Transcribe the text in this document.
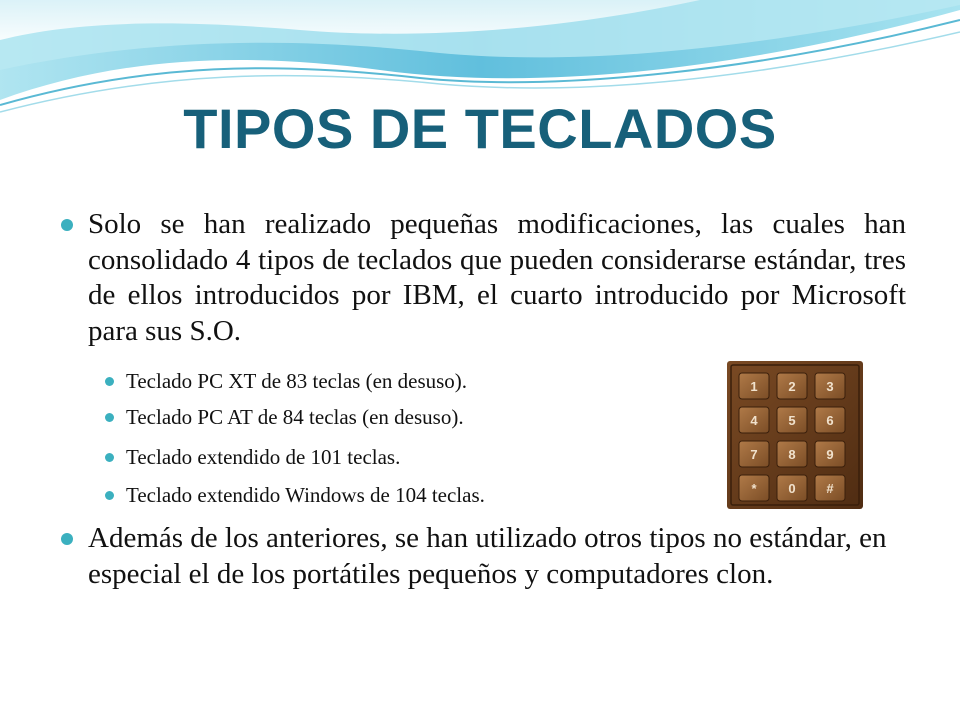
TIPOS DE TECLADOS
Solo se han realizado pequeñas modificaciones, las cuales han consolidado 4 tipos de teclados que pueden considerarse estándar, tres de ellos introducidos por IBM, el cuarto introducido por Microsoft para sus S.O.
Teclado PC XT de 83 teclas (en desuso).
Teclado PC AT de 84 teclas (en desuso).
Teclado extendido de 101 teclas.
Teclado extendido Windows de 104 teclas.
Además de los anteriores, se han utilizado otros tipos no estándar, en especial el de los portátiles pequeños y computadores clon.
1 2 3
4 5 6
7 8 9
* 0 #
